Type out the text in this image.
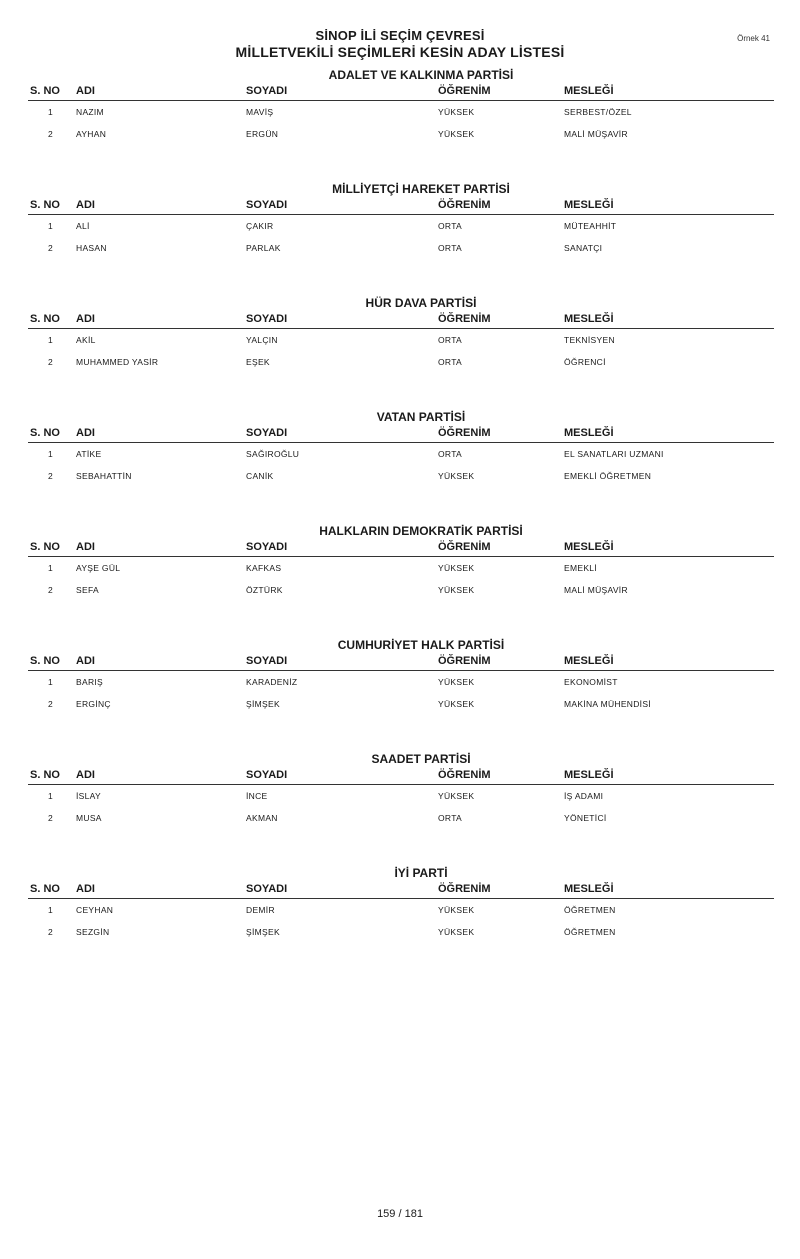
SİNOP İLİ SEÇİM ÇEVRESİ
MİLLETVEKİLİ SEÇİMLERİ KESİN ADAY LİSTESİ
Örnek 41
ADALET VE KALKINMA PARTİSİ
S. NO	ADI	SOYADI	ÖĞRENİM	MESLEĞİ
1	NAZIM	MAVİŞ	YÜKSEK	SERBEST/ÖZEL
2	AYHAN	ERGÜN	YÜKSEK	MALİ MÜŞAVİR
MİLLİYETÇİ HAREKET PARTİSİ
S. NO	ADI	SOYADI	ÖĞRENİM	MESLEĞİ
1	ALİ	ÇAKIR	ORTA	MÜTEAHHİT
2	HASAN	PARLAK	ORTA	SANATÇI
HÜR DAVA PARTİSİ
S. NO	ADI	SOYADI	ÖĞRENİM	MESLEĞİ
1	AKİL	YALÇIN	ORTA	TEKNİSYEN
2	MUHAMMED YASİR	EŞEK	ORTA	ÖĞRENCİ
VATAN PARTİSİ
S. NO	ADI	SOYADI	ÖĞRENİM	MESLEĞİ
1	ATİKE	SAĞIROĞLU	ORTA	EL SANATLARI UZMANI
2	SEBAHATTİN	CANİK	YÜKSEK	EMEKLİ ÖĞRETMEN
HALKLARIN DEMOKRATİK PARTİSİ
S. NO	ADI	SOYADI	ÖĞRENİM	MESLEĞİ
1	AYŞE GÜL	KAFKAS	YÜKSEK	EMEKLİ
2	SEFA	ÖZTÜRK	YÜKSEK	MALİ MÜŞAVİR
CUMHURİYET HALK PARTİSİ
S. NO	ADI	SOYADI	ÖĞRENİM	MESLEĞİ
1	BARIŞ	KARADENİZ	YÜKSEK	EKONOMİST
2	ERGİNÇ	ŞİMŞEK	YÜKSEK	MAKİNA MÜHENDİSİ
SAADET PARTİSİ
S. NO	ADI	SOYADI	ÖĞRENİM	MESLEĞİ
1	İSLAY	İNCE	YÜKSEK	İŞ ADAMI
2	MUSA	AKMAN	ORTA	YÖNETİCİ
İYİ PARTİ
S. NO	ADI	SOYADI	ÖĞRENİM	MESLEĞİ
1	CEYHAN	DEMİR	YÜKSEK	ÖĞRETMEN
2	SEZGİN	ŞİMŞEK	YÜKSEK	ÖĞRETMEN
159 / 181
